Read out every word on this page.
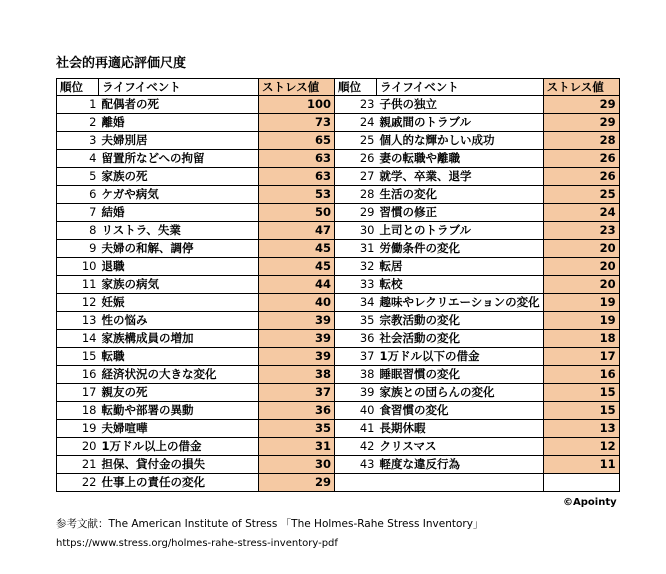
社会的再適応評価尺度
順位	ライフイベント	ストレス値	順位	ライフイベント	ストレス値
1	配偶者の死	100	23	子供の独立	29
2	離婚	73	24	親戚間のトラブル	29
3	夫婦別居	65	25	個人的な輝かしい成功	28
4	留置所などへの拘留	63	26	妻の転職や離職	26
5	家族の死	63	27	就学、卒業、退学	26
6	ケガや病気	53	28	生活の変化	25
7	結婚	50	29	習慣の修正	24
8	リストラ、失業	47	30	上司とのトラブル	23
9	夫婦の和解、調停	45	31	労働条件の変化	20
10	退職	45	32	転居	20
11	家族の病気	44	33	転校	20
12	妊娠	40	34	趣味やレクリエーションの変化	19
13	性の悩み	39	35	宗教活動の変化	19
14	家族構成員の増加	39	36	社会活動の変化	18
15	転職	39	37	1万ドル以下の借金	17
16	経済状況の大きな変化	38	38	睡眠習慣の変化	16
17	親友の死	37	39	家族との団らんの変化	15
18	転勤や部署の異動	36	40	食習慣の変化	15
19	夫婦喧嘩	35	41	長期休暇	13
20	1万ドル以上の借金	31	42	クリスマス	12
21	担保、貸付金の損失	30	43	軽度な違反行為	11
22	仕事上の責任の変化	29			
©Apointy
参考文献：The American Institute of Stress 「The Holmes-Rahe Stress Inventory」
https://www.stress.org/holmes-rahe-stress-inventory-pdf
